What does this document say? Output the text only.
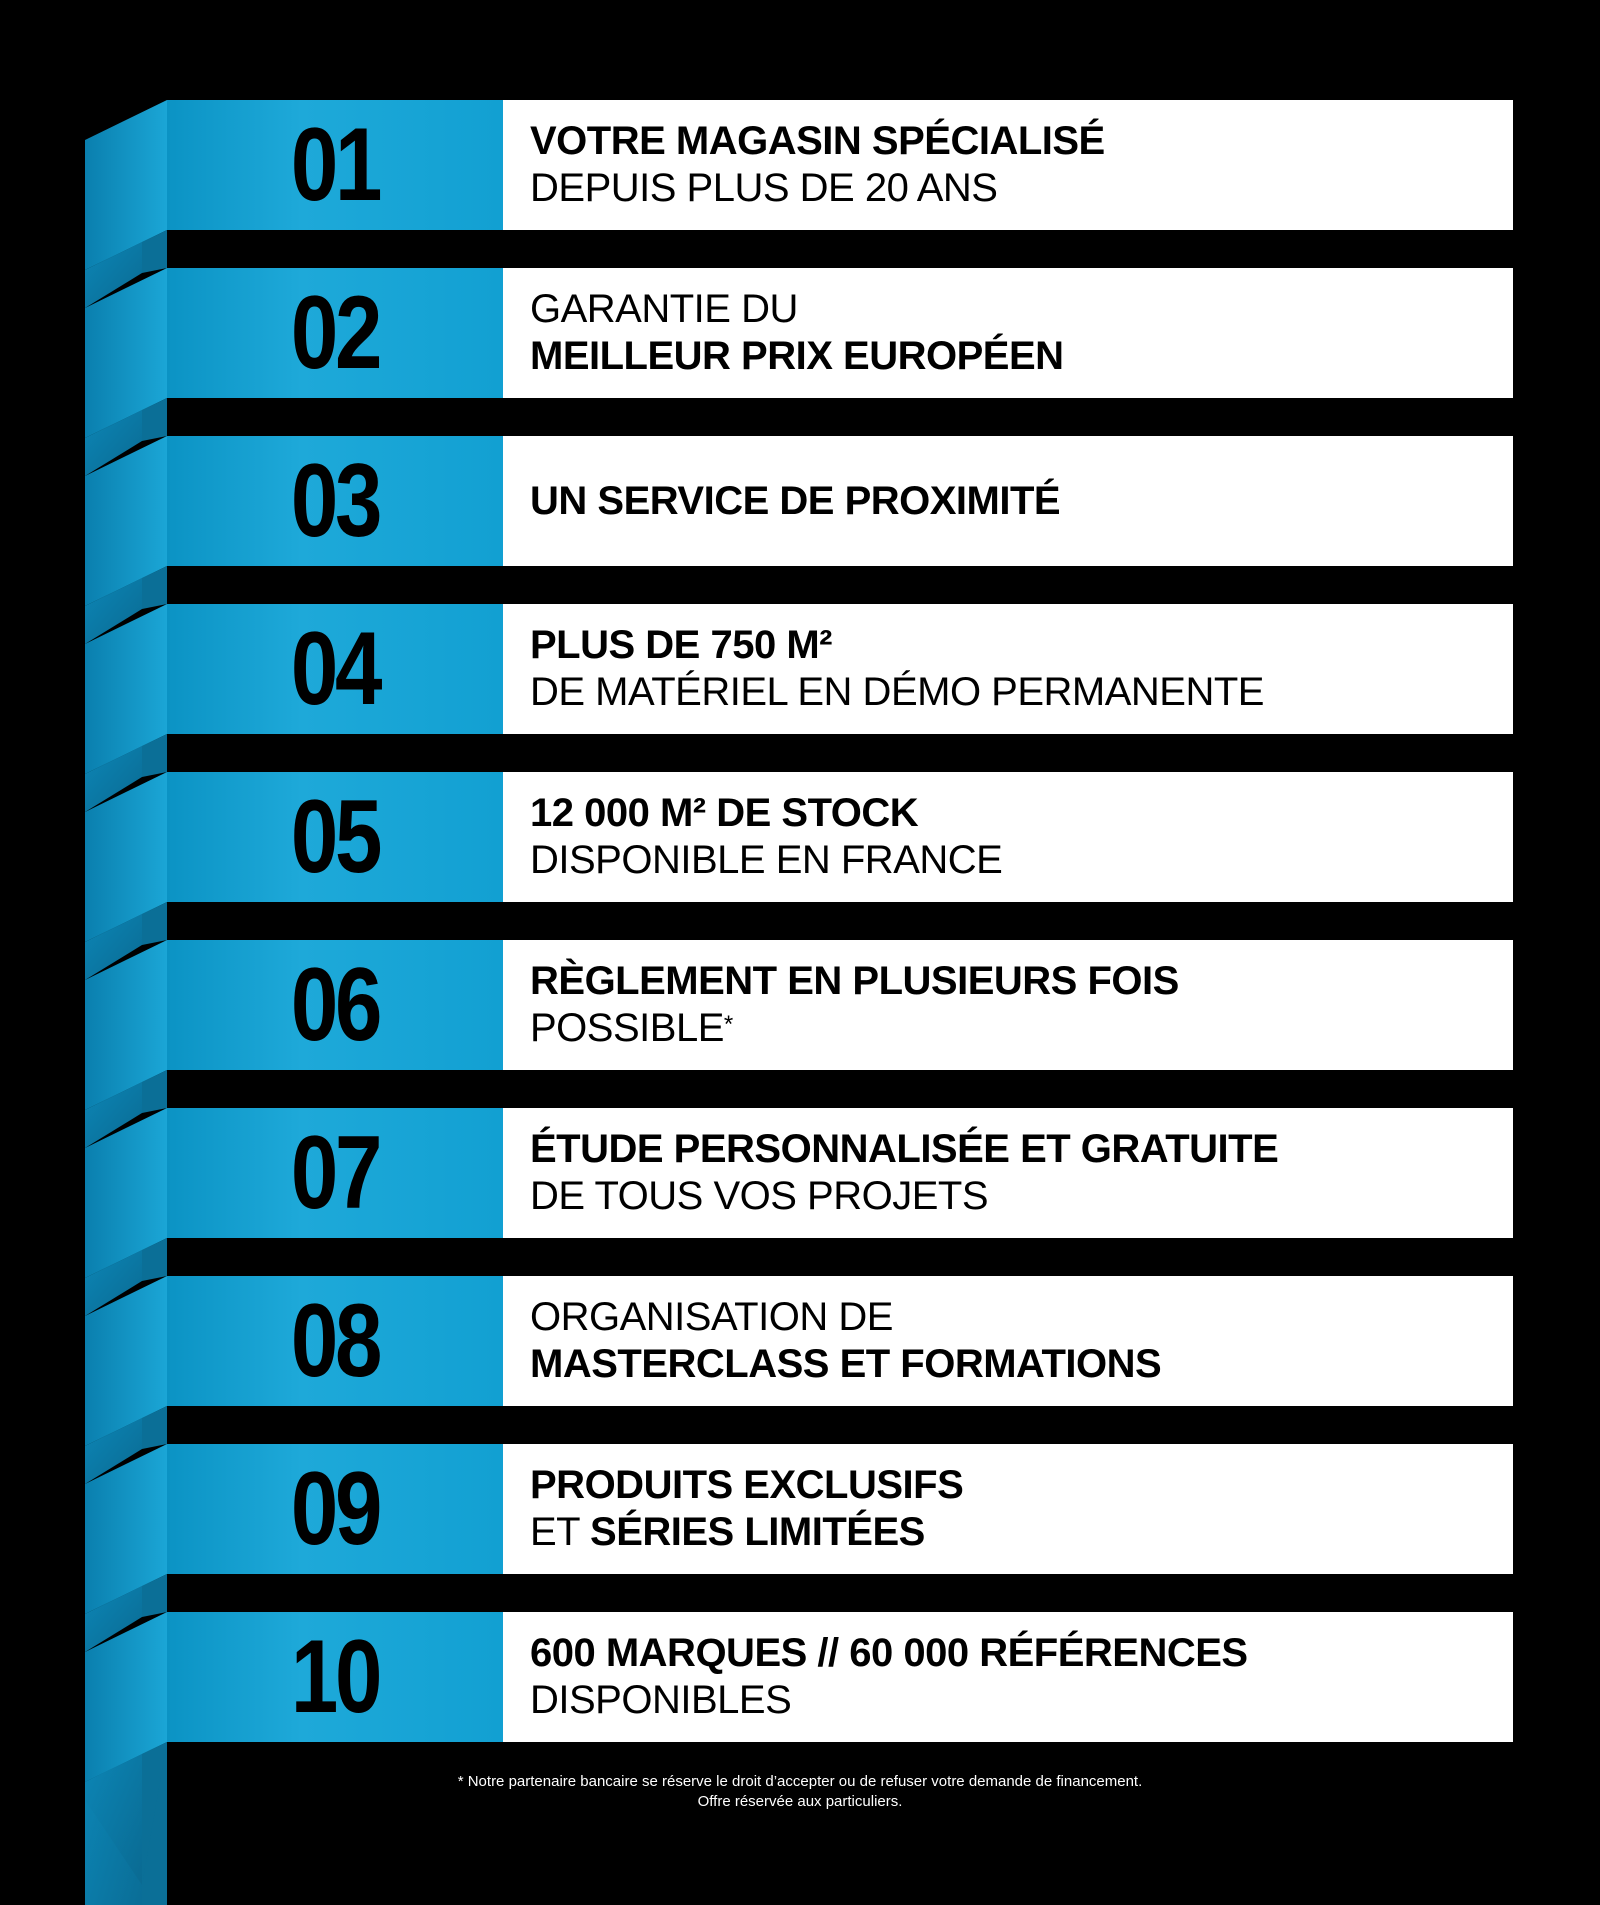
01	VOTRE MAGASIN SPÉCIALISÉ
DEPUIS PLUS DE 20 ANS
02	GARANTIE DU
MEILLEUR PRIX EUROPÉEN
03	UN SERVICE DE PROXIMITÉ
04	PLUS DE 750 M²
DE MATÉRIEL EN DÉMO PERMANENTE
05	12 000 M² DE STOCK
DISPONIBLE EN FRANCE
06	RÈGLEMENT EN PLUSIEURS FOIS
POSSIBLE*
07	ÉTUDE PERSONNALISÉE ET GRATUITE
DE TOUS VOS PROJETS
08	ORGANISATION DE
MASTERCLASS ET FORMATIONS
09	PRODUITS EXCLUSIFS
ET SÉRIES LIMITÉES
10	600 MARQUES // 60 000 RÉFÉRENCES
DISPONIBLES
* Notre partenaire bancaire se réserve le droit d’accepter ou de refuser votre demande de financement.
Offre réservée aux particuliers.
